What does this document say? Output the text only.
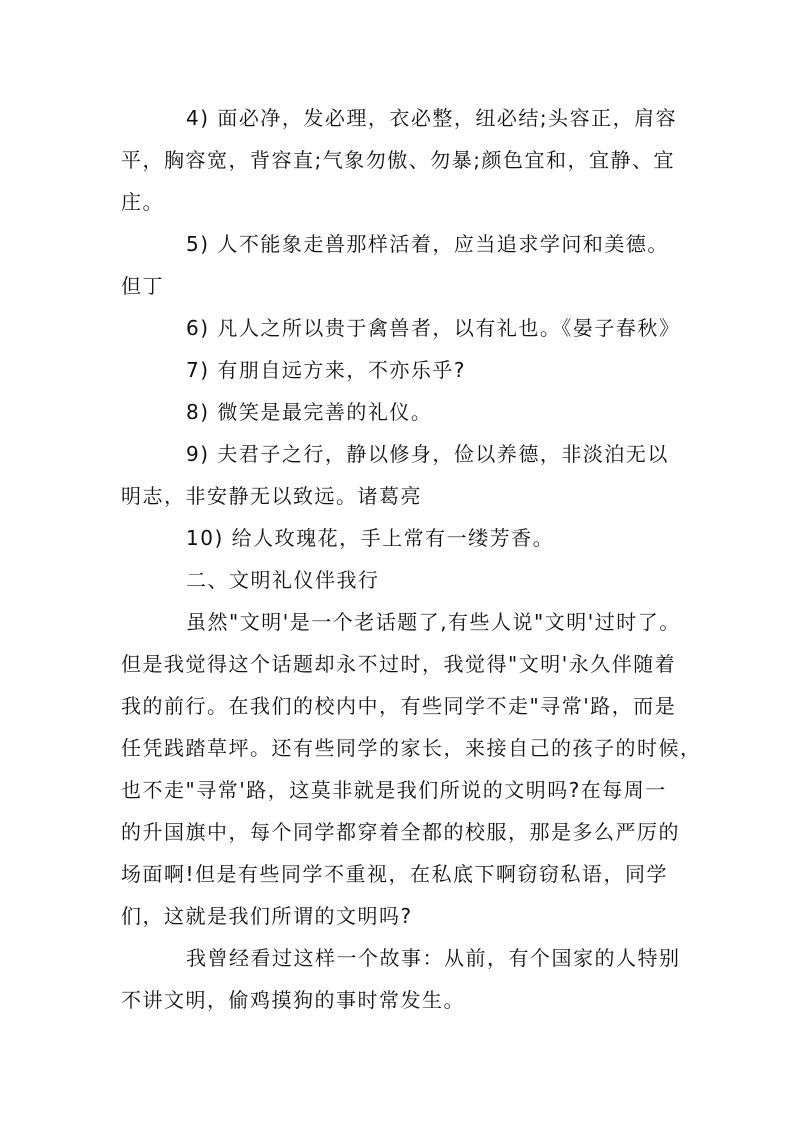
4) 面必净，发必理，衣必整，纽必结;头容正，肩容
平，胸容宽，背容直;气象勿傲、勿暴;颜色宜和，宜静、宜
庄。
5) 人不能象走兽那样活着，应当追求学问和美德。
但丁
6) 凡人之所以贵于禽兽者，以有礼也。《晏子春秋》
7) 有朋自远方来，不亦乐乎?
8) 微笑是最完善的礼仪。
9) 夫君子之行，静以修身，俭以养德，非淡泊无以
明志，非安静无以致远。诸葛亮
10) 给人玫瑰花，手上常有一缕芳香。
二、文明礼仪伴我行
虽然"文明'是一个老话题了,有些人说"文明'过时了。
但是我觉得这个话题却永不过时，我觉得"文明'永久伴随着
我的前行。在我们的校内中，有些同学不走"寻常'路，而是
任凭践踏草坪。还有些同学的家长，来接自己的孩子的时候，
也不走"寻常'路，这莫非就是我们所说的文明吗?在每周一
的升国旗中，每个同学都穿着全都的校服，那是多么严厉的
场面啊!但是有些同学不重视，在私底下啊窃窃私语，同学
们，这就是我们所谓的文明吗?
我曾经看过这样一个故事：从前，有个国家的人特别
不讲文明，偷鸡摸狗的事时常发生。
